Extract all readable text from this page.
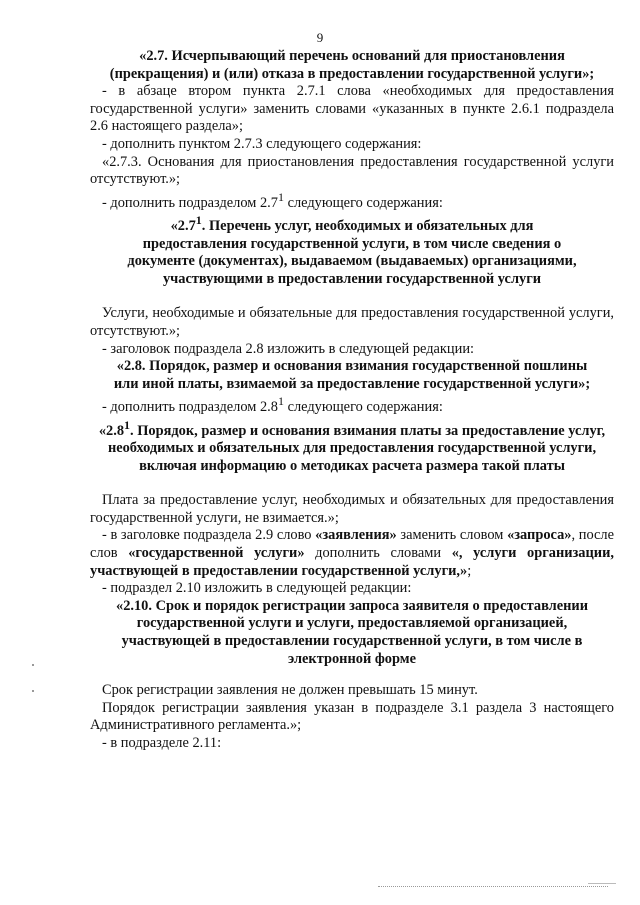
9

«2.7. Исчерпывающий перечень оснований для приостановления (прекращения) и (или) отказа в предоставлении государственной услуги»;

- в абзаце втором пункта 2.7.1 слова «необходимых для предоставления государственной услуги» заменить словами «указанных в пункте 2.6.1 подраздела 2.6 настоящего раздела»;

- дополнить пунктом 2.7.3 следующего содержания:

«2.7.3. Основания для приостановления предоставления государственной услуги отсутствуют.»;

- дополнить подразделом $2.7^1$ следующего содержания:

«$2.7^1$. Перечень услуг, необходимых и обязательных для предоставления государственной услуги, в том числе сведения о документе (документах), выдаваемом (выдаваемых) организациями, участвующими в предоставлении государственной услуги

Услуги, необходимые и обязательные для предоставления государственной услуги, отсутствуют.»;

- заголовок подраздела 2.8 изложить в следующей редакции:

«2.8. Порядок, размер и основания взимания государственной пошлины или иной платы, взимаемой за предоставление государственной услуги»;

- дополнить подразделом $2.8^1$ следующего содержания:

«$2.8^1$. Порядок, размер и основания взимания платы за предоставление услуг, необходимых и обязательных для предоставления государственной услуги, включая информацию о методиках расчета размера такой платы

Плата за предоставление услуг, необходимых и обязательных для предоставления государственной услуги, не взимается.»;

- в заголовке подраздела 2.9 слово «заявления» заменить словом «запроса», после слов «государственной услуги» дополнить словами «, услуги организации, участвующей в предоставлении государственной услуги,»;

- подраздел 2.10 изложить в следующей редакции:

«2.10. Срок и порядок регистрации запроса заявителя о предоставлении государственной услуги и услуги, предоставляемой организацией, участвующей в предоставлении государственной услуги, в том числе в электронной форме

Срок регистрации заявления не должен превышать 15 минут.

Порядок регистрации заявления указан в подразделе 3.1 раздела 3 настоящего Административного регламента.»;

- в подразделе 2.11:
